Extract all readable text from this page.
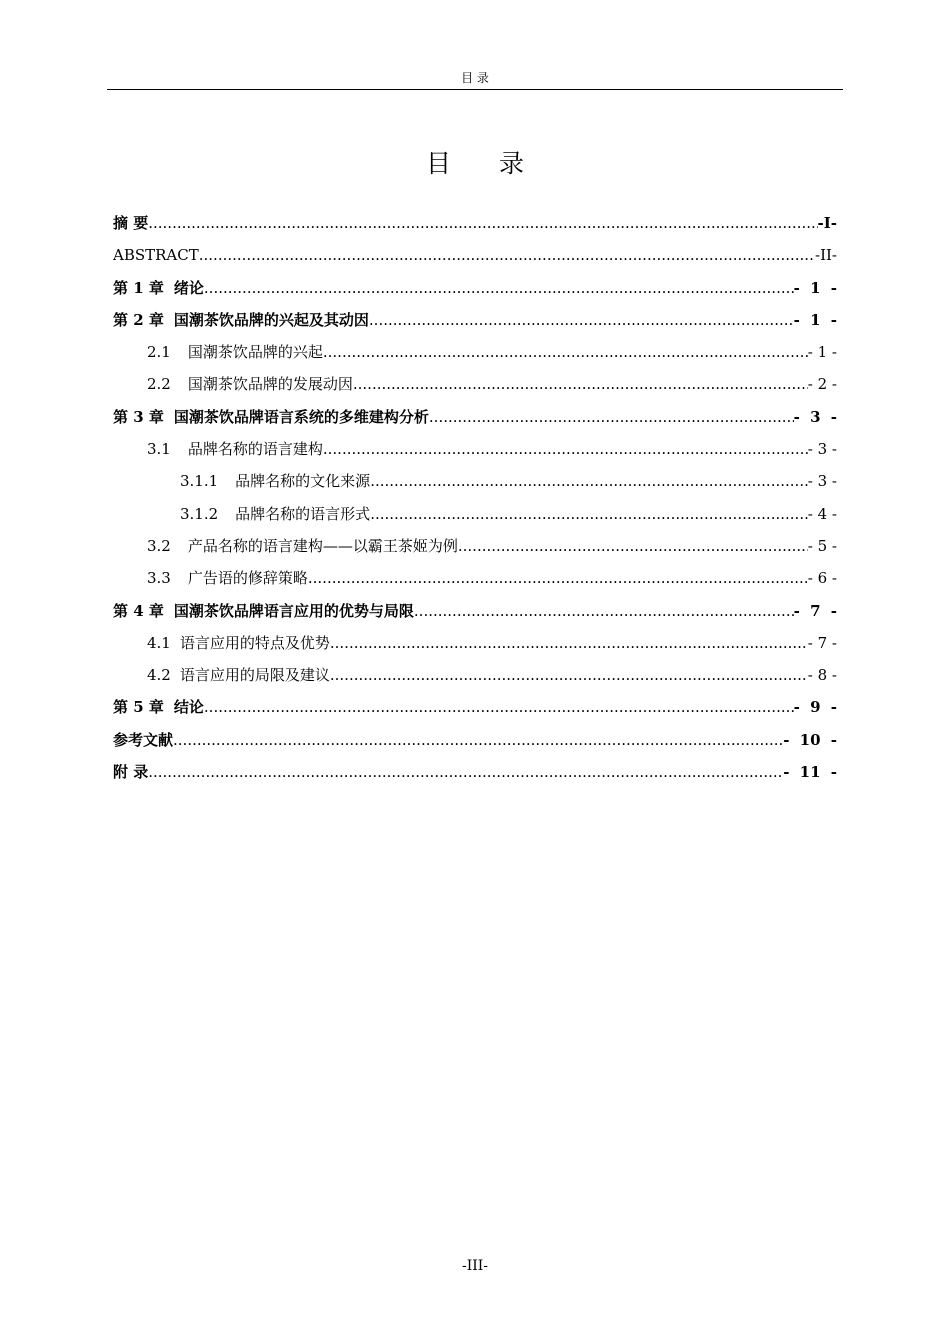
目 录
目 录
摘 要 .....	-I-
ABSTRACT .....	-II-
第 1 章 绪论 .....	- 1 -
第 2 章 国潮茶饮品牌的兴起及其动因 .....	- 1 -
2.1 国潮茶饮品牌的兴起 .....	- 1 -
2.2 国潮茶饮品牌的发展动因 .....	- 2 -
第 3 章 国潮茶饮品牌语言系统的多维建构分析 .....	- 3 -
3.1 品牌名称的语言建构 .....	- 3 -
3.1.1 品牌名称的文化来源 .....	- 3 -
3.1.2 品牌名称的语言形式 .....	- 4 -
3.2 产品名称的语言建构——以霸王茶姬为例 .....	- 5 -
3.3 广告语的修辞策略 .....	- 6 -
第 4 章 国潮茶饮品牌语言应用的优势与局限 .....	- 7 -
4.1 语言应用的特点及优势 .....	- 7 -
4.2 语言应用的局限及建议 .....	- 8 -
第 5 章 结论 .....	- 9 -
参考文献 .....	- 10 -
附 录 .....	- 11 -
-III-
